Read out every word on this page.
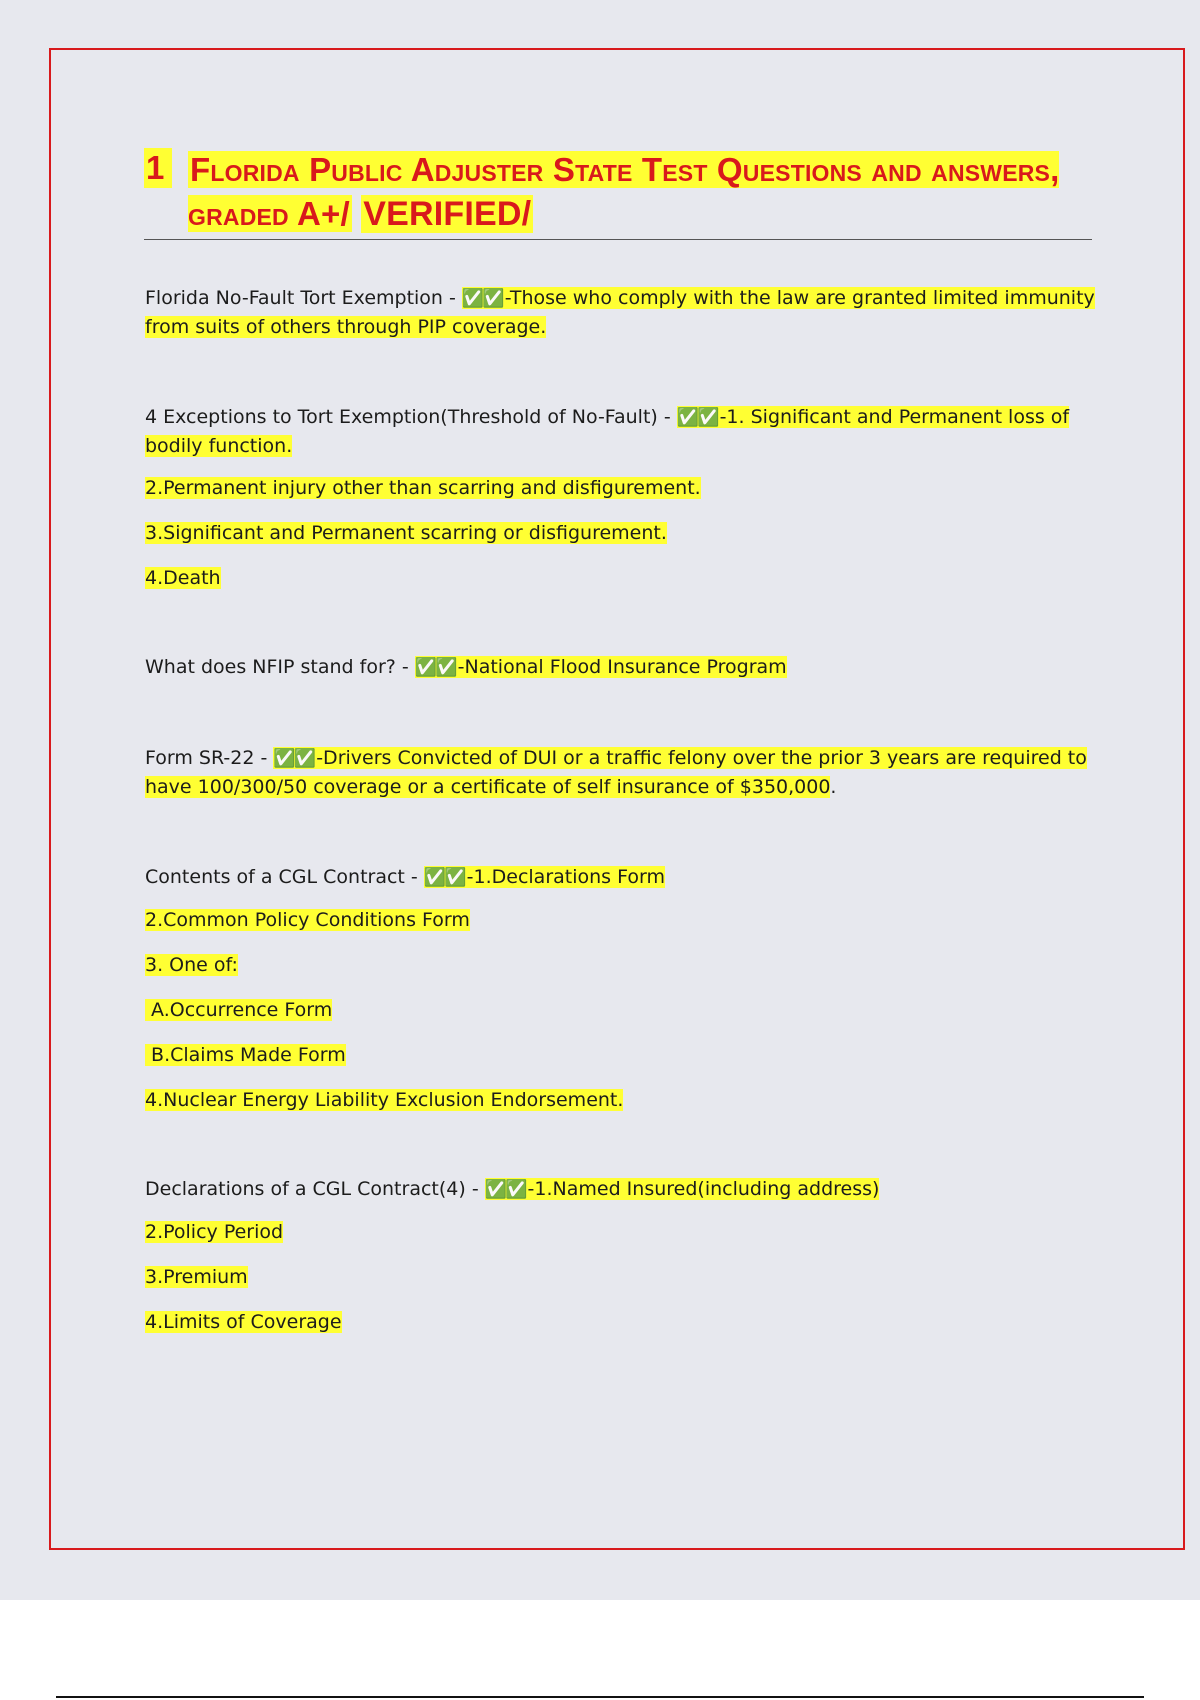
1 Florida Public Adjuster State Test Questions and answers, graded A+/ VERIFIED/
Florida No-Fault Tort Exemption - ✅✅ -Those who comply with the law are granted limited immunity from suits of others through PIP coverage.
4 Exceptions to Tort Exemption(Threshold of No-Fault) - ✅✅ -1. Significant and Permanent loss of bodily function.
2.Permanent injury other than scarring and disfigurement.
3.Significant and Permanent scarring or disfigurement.
4.Death
What does NFIP stand for? - ✅✅ -National Flood Insurance Program
Form SR-22 - ✅✅ -Drivers Convicted of DUI or a traffic felony over the prior 3 years are required to have 100/300/50 coverage or a certificate of self insurance of $350,000.
Contents of a CGL Contract - ✅✅ -1.Declarations Form
2.Common Policy Conditions Form
3. One of:
A.Occurrence Form
B.Claims Made Form
4.Nuclear Energy Liability Exclusion Endorsement.
Declarations of a CGL Contract(4) - ✅✅ -1.Named Insured(including address)
2.Policy Period
3.Premium
4.Limits of Coverage
